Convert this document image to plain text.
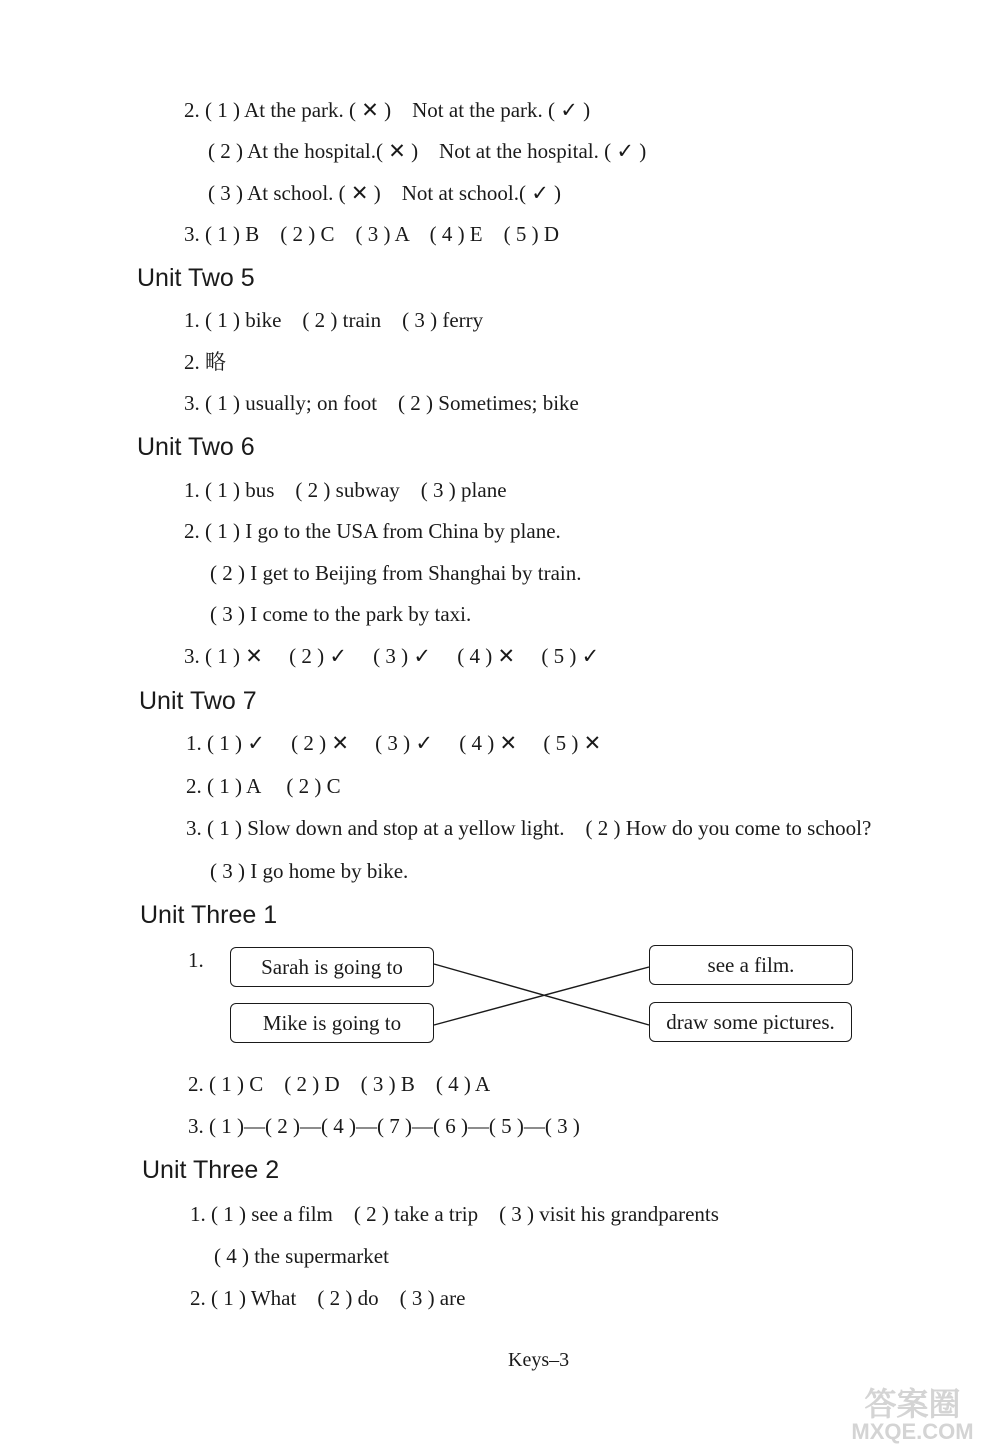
2. ( 1 ) At the park. ( ✕ )    Not at the park. ( ✓ )
( 2 ) At the hospital.( ✕ )    Not at the hospital. ( ✓ )
( 3 ) At school. ( ✕ )    Not at school.( ✓ )
3. ( 1 ) B    ( 2 ) C    ( 3 ) A    ( 4 ) E    ( 5 ) D
Unit Two 5
1. ( 1 ) bike    ( 2 ) train    ( 3 ) ferry
2. 略
3. ( 1 ) usually; on foot    ( 2 ) Sometimes; bike
Unit Two 6
1. ( 1 ) bus    ( 2 ) subway    ( 3 ) plane
2. ( 1 ) I go to the USA from China by plane.
( 2 ) I get to Beijing from Shanghai by train.
( 3 ) I come to the park by taxi.
3. ( 1 ) ✕     ( 2 ) ✓     ( 3 ) ✓     ( 4 ) ✕     ( 5 ) ✓
Unit Two 7
1. ( 1 ) ✓     ( 2 ) ✕     ( 3 ) ✓     ( 4 ) ✕     ( 5 ) ✕
2. ( 1 ) A     ( 2 ) C
3. ( 1 ) Slow down and stop at a yellow light.    ( 2 ) How do you come to school?
( 3 ) I go home by bike.
Unit Three 1
1.	Sarah is going to
Mike is going to
see a film.
draw some pictures.
2. ( 1 ) C    ( 2 ) D    ( 3 ) B    ( 4 ) A
3. ( 1 )—( 2 )—( 4 )—( 7 )—( 6 )—( 5 )—( 3 )
Unit Three 2
1. ( 1 ) see a film    ( 2 ) take a trip    ( 3 ) visit his grandparents
( 4 ) the supermarket
2. ( 1 ) What    ( 2 ) do    ( 3 ) are
Keys–3
答案圈
MXQE.COM
